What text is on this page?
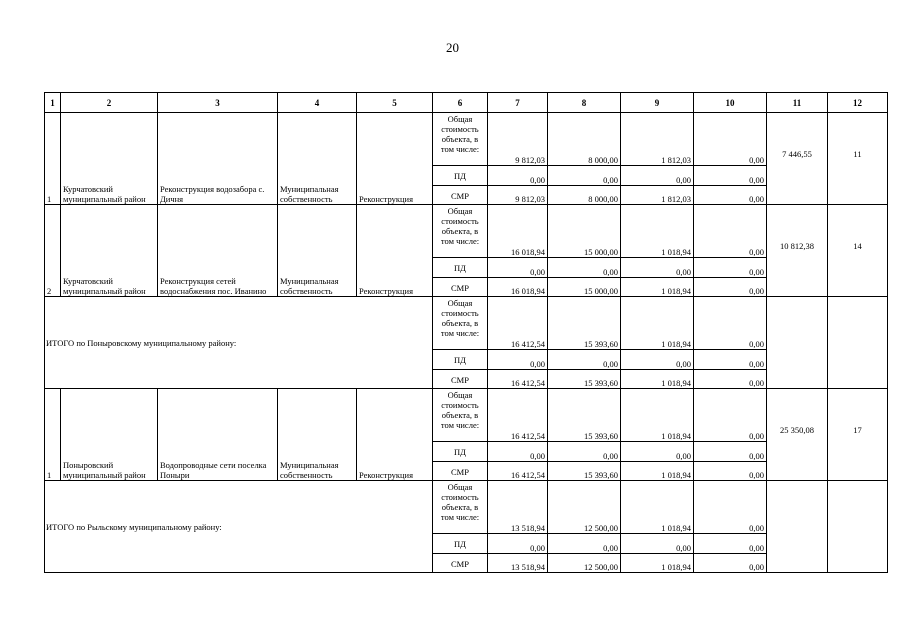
20
1	2	3	4	5	6	7	8	9	10	11	12
1	Курчатовский муниципальный район	Реконструкция водозабора с. Дичня	Муниципальная собственность	Реконструкция	Общая стоимость объекта, в том числе:	9 812,03	8 000,00	1 812,03	0,00	7 446,55	11
					ПД	0,00	0,00	0,00	0,00		
					СМР	9 812,03	8 000,00	1 812,03	0,00		
2	Курчатовский муниципальный район	Реконструкция сетей водоснабжения пос. Иванино	Муниципальная собственность	Реконструкция	Общая стоимость объекта, в том числе:	16 018,94	15 000,00	1 018,94	0,00	10 812,38	14
					ПД	0,00	0,00	0,00	0,00		
					СМР	16 018,94	15 000,00	1 018,94	0,00		
ИТОГО по Поныровскому муниципальному району:					Общая стоимость объекта, в том числе:	16 412,54	15 393,60	1 018,94	0,00		
					ПД	0,00	0,00	0,00	0,00		
					СМР	16 412,54	15 393,60	1 018,94	0,00		
1	Поныровский муниципальный район	Водопроводные сети поселка Поныри	Муниципальная собственность	Реконструкция	Общая стоимость объекта, в том числе:	16 412,54	15 393,60	1 018,94	0,00	25 350,08	17
					ПД	0,00	0,00	0,00	0,00		
					СМР	16 412,54	15 393,60	1 018,94	0,00		
ИТОГО по Рыльскому муниципальному району:					Общая стоимость объекта, в том числе:	13 518,94	12 500,00	1 018,94	0,00		
					ПД	0,00	0,00	0,00	0,00		
					СМР	13 518,94	12 500,00	1 018,94	0,00		
